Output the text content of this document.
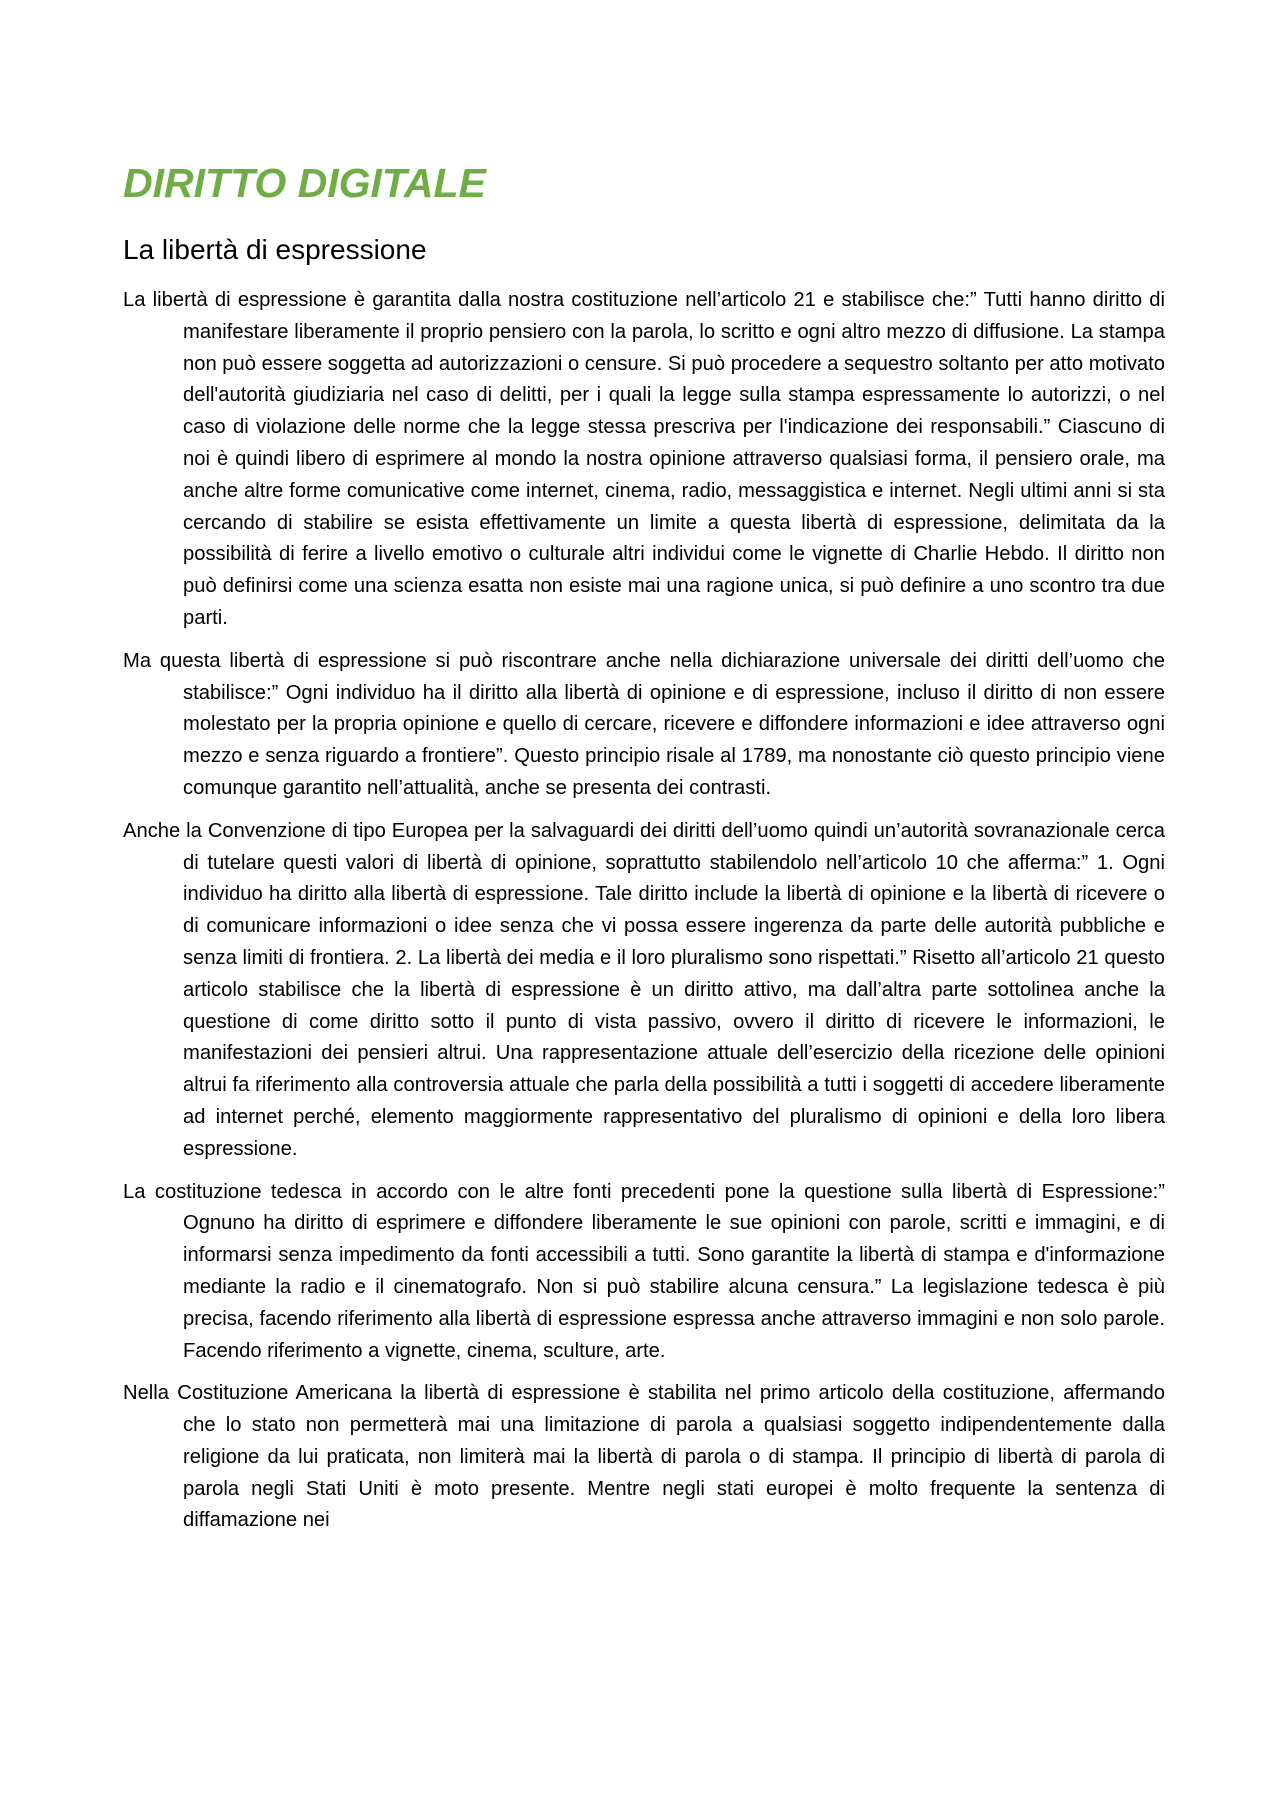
DIRITTO DIGITALE
La libertà di espressione

La libertà di espressione è garantita dalla nostra costituzione nell’articolo 21 e stabilisce che:” Tutti hanno diritto di manifestare liberamente il proprio pensiero con la parola, lo scritto e ogni altro mezzo di diffusione. La stampa non può essere soggetta ad autorizzazioni o censure. Si può procedere a sequestro soltanto per atto motivato dell'autorità giudiziaria nel caso di delitti, per i quali la legge sulla stampa espressamente lo autorizzi, o nel caso di violazione delle norme che la legge stessa prescriva per l'indicazione dei responsabili.” Ciascuno di noi è quindi libero di esprimere al mondo la nostra opinione attraverso qualsiasi forma, il pensiero orale, ma anche altre forme comunicative come internet, cinema, radio, messaggistica e internet. Negli ultimi anni si sta cercando di stabilire se esista effettivamente un limite a questa libertà di espressione, delimitata da la possibilità di ferire a livello emotivo o culturale altri individui come le vignette di Charlie Hebdo. Il diritto non può definirsi come una scienza esatta non esiste mai una ragione unica, si può definire a uno scontro tra due parti.

Ma questa libertà di espressione si può riscontrare anche nella dichiarazione universale dei diritti dell’uomo che stabilisce:” Ogni individuo ha il diritto alla libertà di opinione e di espressione, incluso il diritto di non essere molestato per la propria opinione e quello di cercare, ricevere e diffondere informazioni e idee attraverso ogni mezzo e senza riguardo a frontiere”. Questo principio risale al 1789, ma nonostante ciò questo principio viene comunque garantito nell’attualità, anche se presenta dei contrasti.

Anche la Convenzione di tipo Europea per la salvaguardi dei diritti dell’uomo quindi un’autorità sovranazionale cerca di tutelare questi valori di libertà di opinione, soprattutto stabilendolo nell’articolo 10 che afferma:” 1. Ogni individuo ha diritto alla libertà di espressione. Tale diritto include la libertà di opinione e la libertà di ricevere o di comunicare informazioni o idee senza che vi possa essere ingerenza da parte delle autorità pubbliche e senza limiti di frontiera. 2. La libertà dei media e il loro pluralismo sono rispettati.” Risetto all’articolo 21 questo articolo stabilisce che la libertà di espressione è un diritto attivo, ma dall’altra parte sottolinea anche la questione di come diritto sotto il punto di vista passivo, ovvero il diritto di ricevere le informazioni, le manifestazioni dei pensieri altrui. Una rappresentazione attuale dell’esercizio della ricezione delle opinioni altrui fa riferimento alla controversia attuale che parla della possibilità a tutti i soggetti di accedere liberamente ad internet perché, elemento maggiormente rappresentativo del pluralismo di opinioni e della loro libera espressione.

La costituzione tedesca in accordo con le altre fonti precedenti pone la questione sulla libertà di Espressione:” Ognuno ha diritto di esprimere e diffondere liberamente le sue opinioni con parole, scritti e immagini, e di informarsi senza impedimento da fonti accessibili a tutti. Sono garantite la libertà di stampa e d'informazione mediante la radio e il cinematografo. Non si può stabilire alcuna censura.” La legislazione tedesca è più precisa, facendo riferimento alla libertà di espressione espressa anche attraverso immagini e non solo parole. Facendo riferimento a vignette, cinema, sculture, arte.

Nella Costituzione Americana la libertà di espressione è stabilita nel primo articolo della costituzione, affermando che lo stato non permetterà mai una limitazione di parola a qualsiasi soggetto indipendentemente dalla religione da lui praticata, non limiterà mai la libertà di parola o di stampa. Il principio di libertà di parola di parola negli Stati Uniti è moto presente. Mentre negli stati europei è molto frequente la sentenza di diffamazione nei
